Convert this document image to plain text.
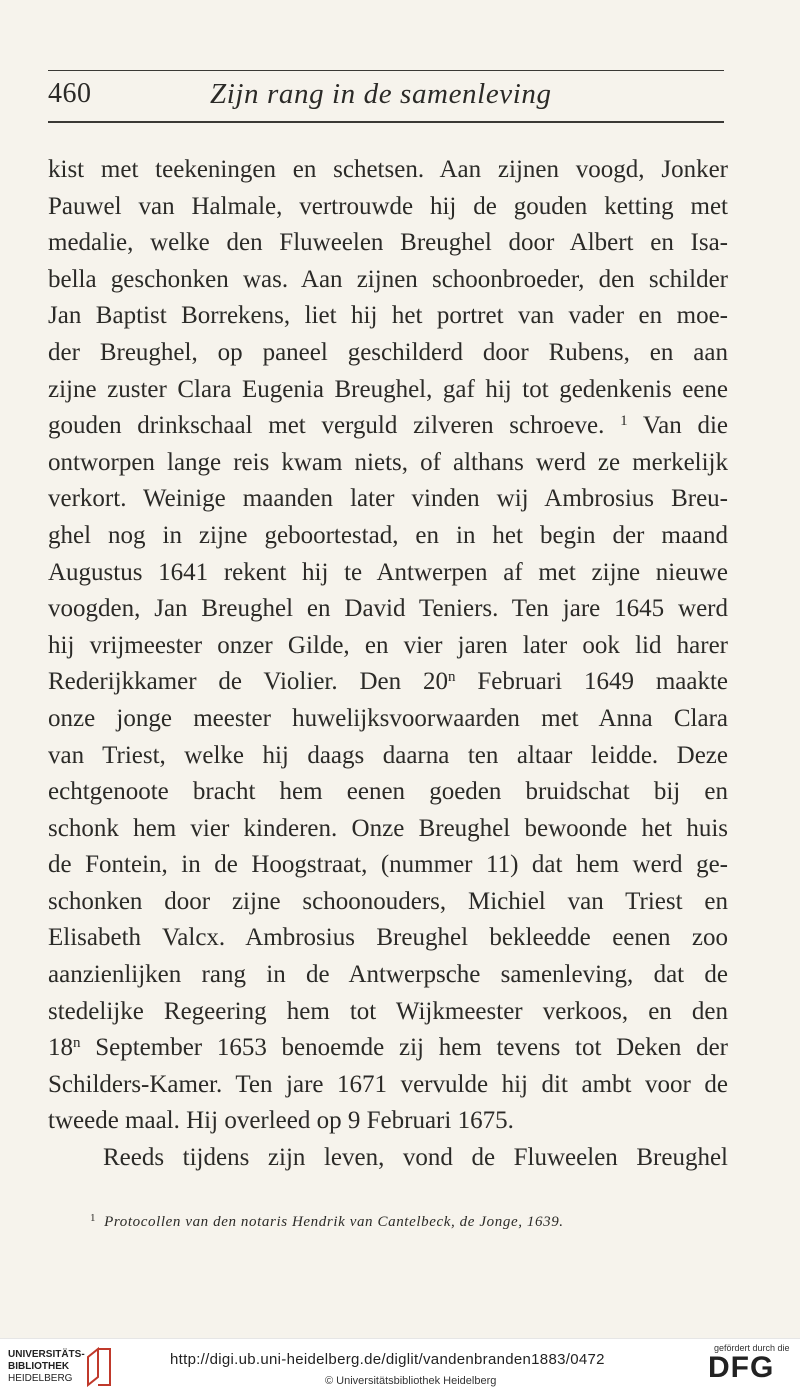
460	Zijn rang in de samenleving
kist met teekeningen en schetsen. Aan zijnen voogd, Jonker
Pauwel van Halmale, vertrouwde hij de gouden ketting met
medalie, welke den Fluweelen Breughel door Albert en Isa-
bella geschonken was. Aan zijnen schoonbroeder, den schilder
Jan Baptist Borrekens, liet hij het portret van vader en moe-
der Breughel, op paneel geschilderd door Rubens, en aan
zijne zuster Clara Eugenia Breughel, gaf hij tot gedenkenis eene
gouden drinkschaal met verguld zilveren schroeve. $^1$ Van die
ontworpen lange reis kwam niets, of althans werd ze merkelijk
verkort. Weinige maanden later vinden wij Ambrosius Breu-
ghel nog in zijne geboortestad, en in het begin der maand
Augustus 1641 rekent hij te Antwerpen af met zijne nieuwe
voogden, Jan Breughel en David Teniers. Ten jare 1645 werd
hij vrijmeester onzer Gilde, en vier jaren later ook lid harer
Rederijkkamer de Violier. Den 20$^n$ Februari 1649 maakte
onze jonge meester huwelijksvoorwaarden met Anna Clara
van Triest, welke hij daags daarna ten altaar leidde. Deze
echtgenoote bracht hem eenen goeden bruidschat bij en
schonk hem vier kinderen. Onze Breughel bewoonde het huis
de Fontein, in de Hoogstraat, (nummer 11) dat hem werd ge-
schonken door zijne schoonouders, Michiel van Triest en
Elisabeth Valcx. Ambrosius Breughel bekleedde eenen zoo
aanzienlijken rang in de Antwerpsche samenleving, dat de
stedelijke Regeering hem tot Wijkmeester verkoos, en den
18$^n$ September 1653 benoemde zij hem tevens tot Deken der
Schilders-Kamer. Ten jare 1671 vervulde hij dit ambt voor de
tweede maal. Hij overleed op 9 Februari 1675.
Reeds tijdens zijn leven, vond de Fluweelen Breughel
$^1$ Protocollen van den notaris Hendrik van Cantelbeck, de Jonge, 1639.
UNIVERSITÄTS-
BIBLIOTHEK
HEIDELBERG
http://digi.ub.uni-heidelberg.de/diglit/vandenbranden1883/0472
© Universitätsbibliothek Heidelberg
gefördert durch die
DFG
